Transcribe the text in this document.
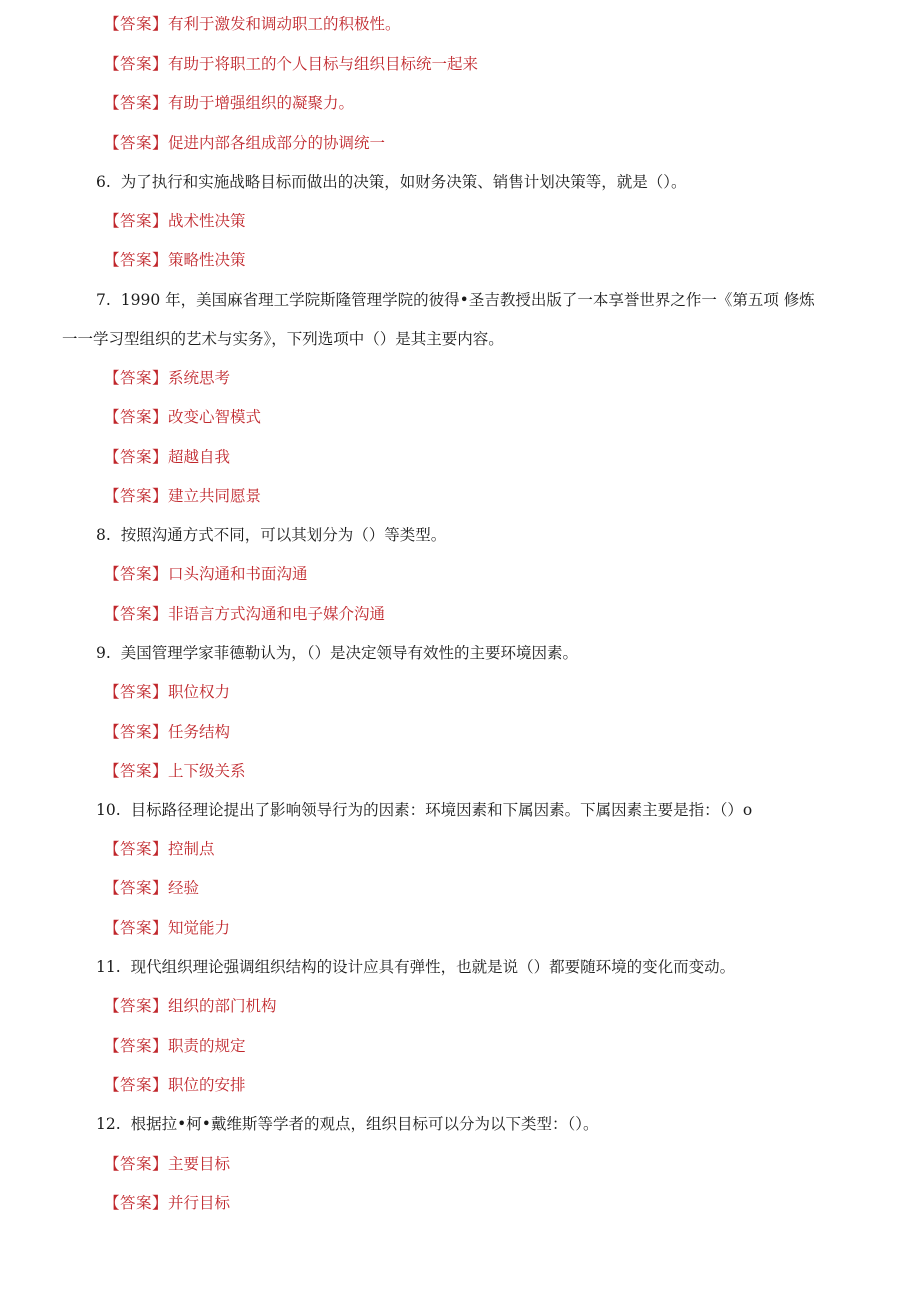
【答案】有利于激发和调动职工的积极性。
【答案】有助于将职工的个人目标与组织目标统一起来
【答案】有助于增强组织的凝聚力。
【答案】促进内部各组成部分的协调统一
6. 为了执行和实施战略目标而做出的决策，如财务决策、销售计划决策等，就是（）。
【答案】战术性决策
【答案】策略性决策
7. 1990 年，美国麻省理工学院斯隆管理学院的彼得•圣吉教授出版了一本享誉世界之作一《第五项 修炼
一一学习型组织的艺术与实务》，下列选项中（）是其主要内容。
【答案】系统思考
【答案】改变心智模式
【答案】超越自我
【答案】建立共同愿景
8. 按照沟通方式不同，可以其划分为（）等类型。
【答案】口头沟通和书面沟通
【答案】非语言方式沟通和电子媒介沟通
9. 美国管理学家菲德勒认为，（）是决定领导有效性的主要环境因素。
【答案】职位权力
【答案】任务结构
【答案】上下级关系
10. 目标路径理论提出了影响领导行为的因素：环境因素和下属因素。下属因素主要是指：（）o
【答案】控制点
【答案】经验
【答案】知觉能力
11. 现代组织理论强调组织结构的设计应具有弹性，也就是说（）都要随环境的变化而变动。
【答案】组织的部门机构
【答案】职责的规定
【答案】职位的安排
12. 根据拉•柯•戴维斯等学者的观点，组织目标可以分为以下类型：（）。
【答案】主要目标
【答案】并行目标
